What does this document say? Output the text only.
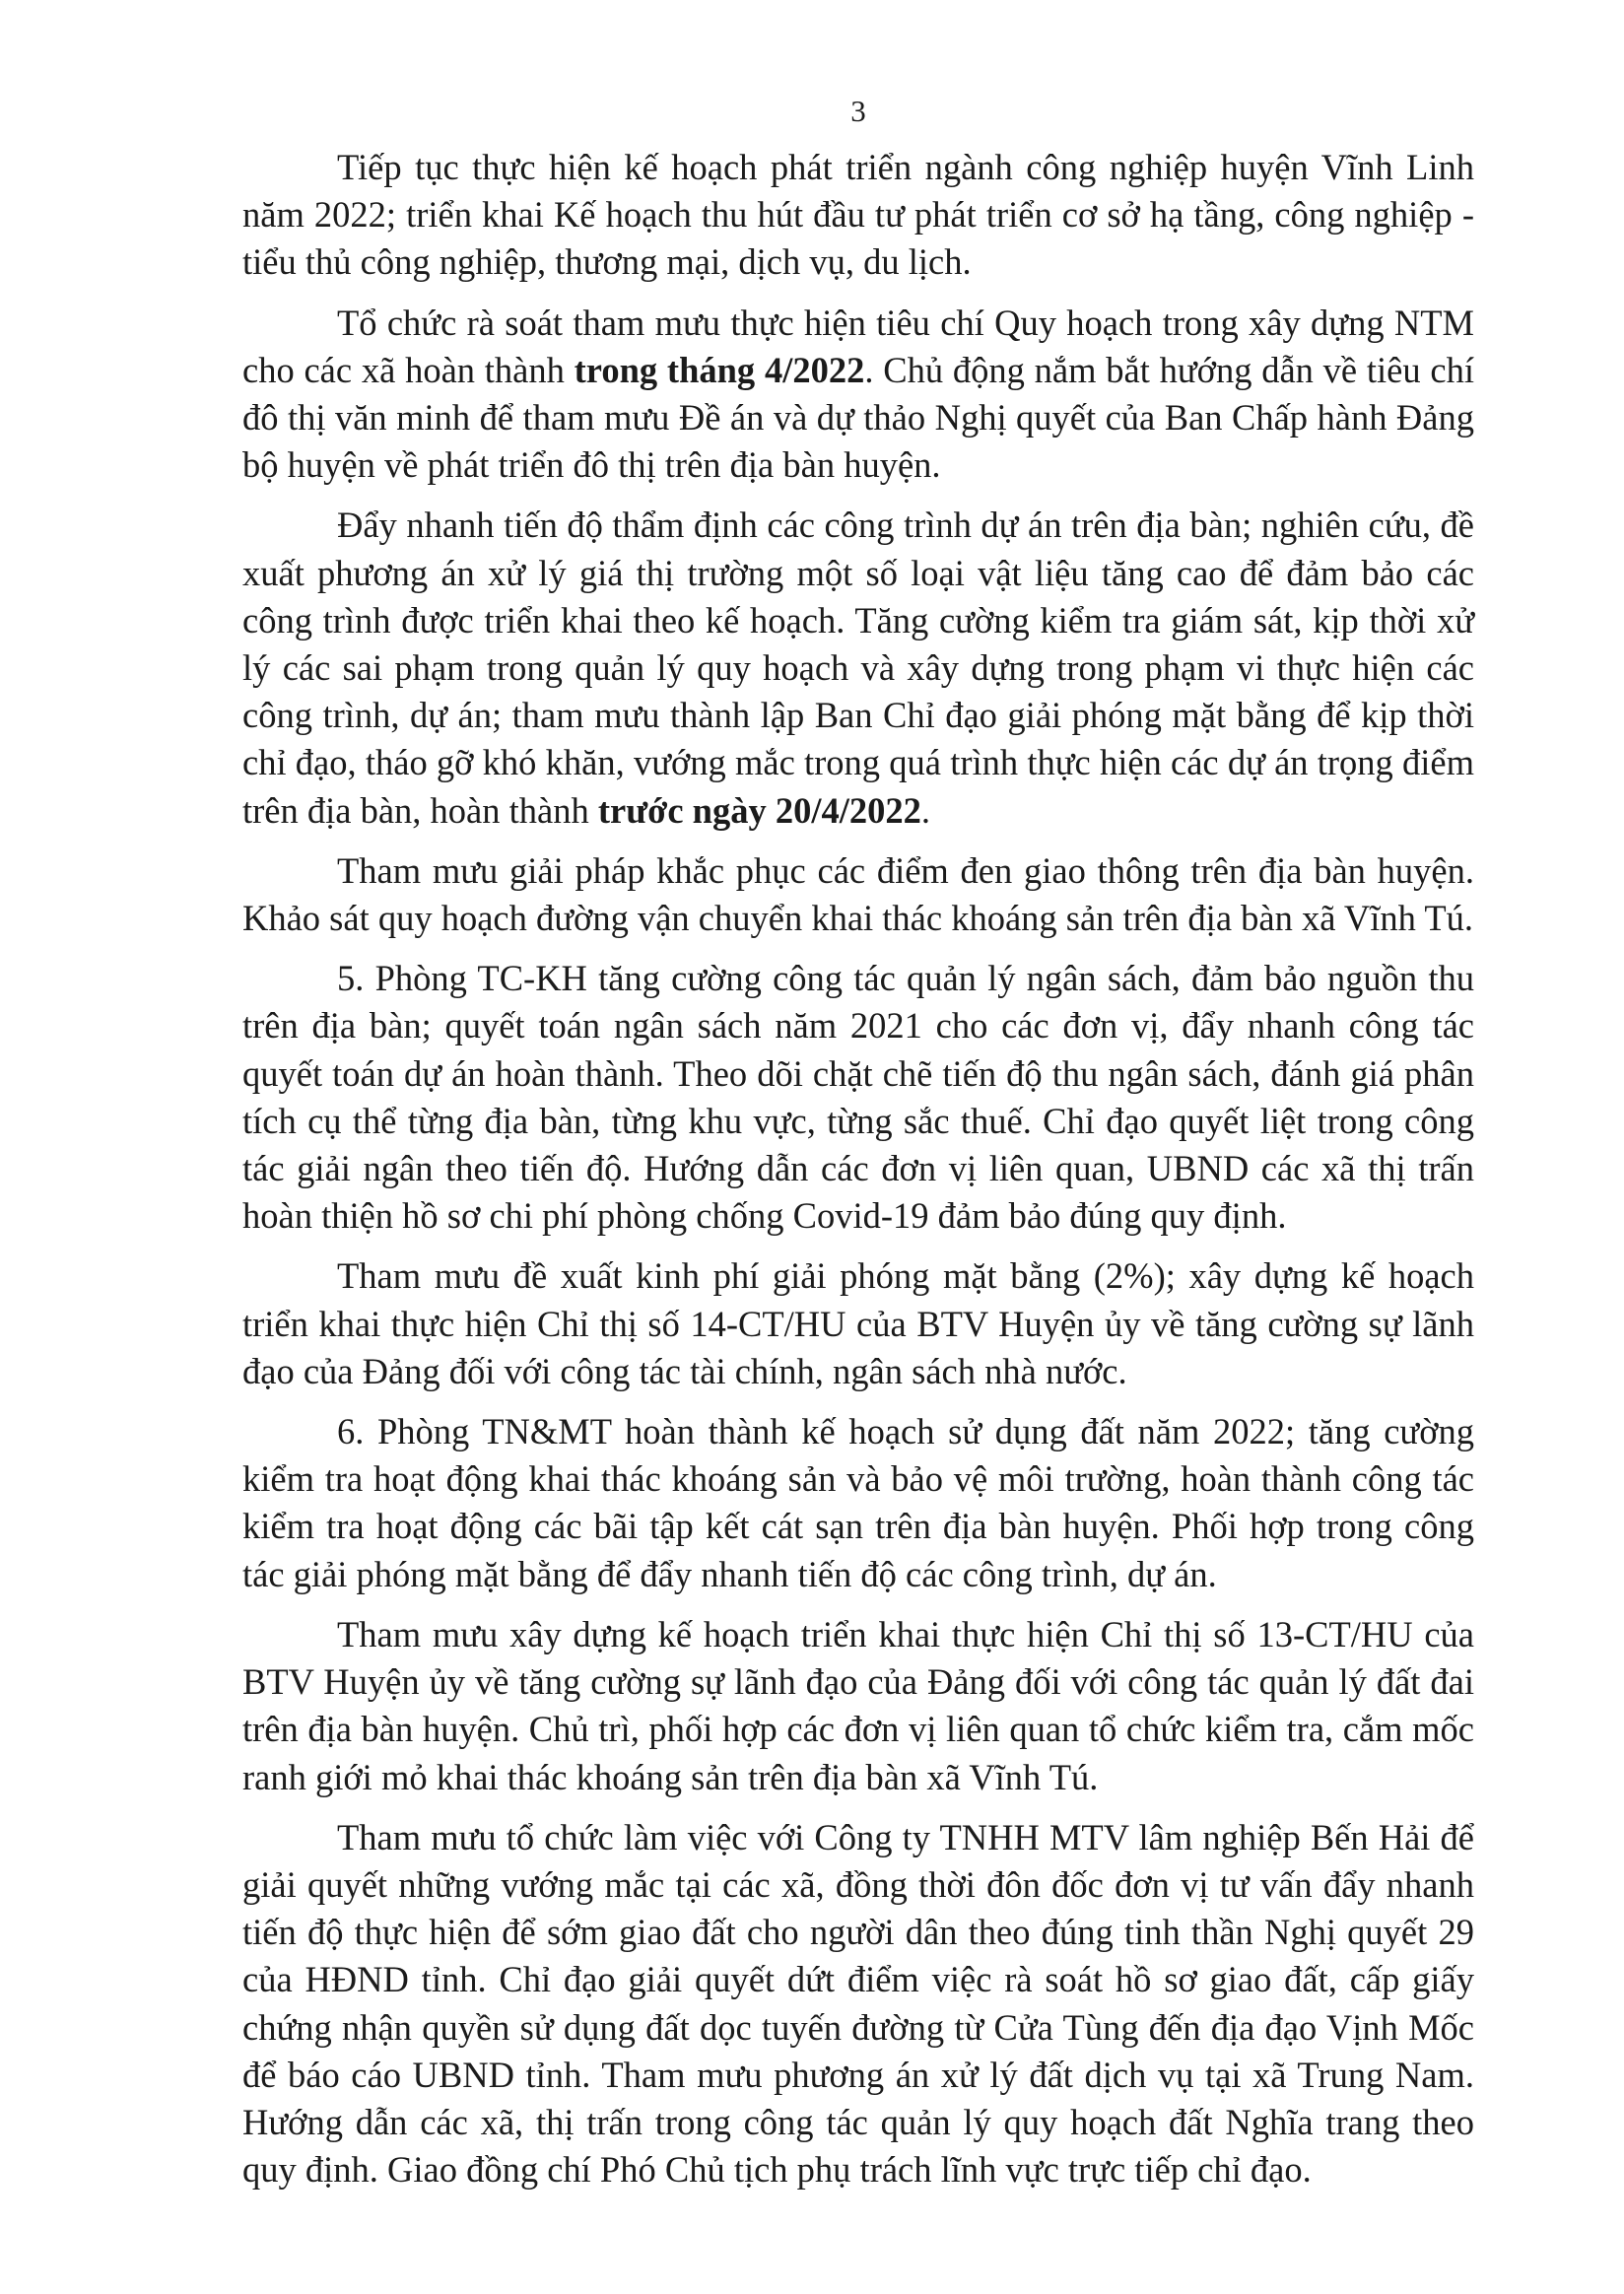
3

Tiếp tục thực hiện kế hoạch phát triển ngành công nghiệp huyện Vĩnh Linh năm 2022; triển khai Kế hoạch thu hút đầu tư phát triển cơ sở hạ tầng, công nghiệp - tiểu thủ công nghiệp, thương mại, dịch vụ, du lịch.

Tổ chức rà soát tham mưu thực hiện tiêu chí Quy hoạch trong xây dựng NTM cho các xã hoàn thành trong tháng 4/2022. Chủ động nắm bắt hướng dẫn về tiêu chí đô thị văn minh để tham mưu Đề án và dự thảo Nghị quyết của Ban Chấp hành Đảng bộ huyện về phát triển đô thị trên địa bàn huyện.

Đẩy nhanh tiến độ thẩm định các công trình dự án trên địa bàn; nghiên cứu, đề xuất phương án xử lý giá thị trường một số loại vật liệu tăng cao để đảm bảo các công trình được triển khai theo kế hoạch. Tăng cường kiểm tra giám sát, kịp thời xử lý các sai phạm trong quản lý quy hoạch và xây dựng trong phạm vi thực hiện các công trình, dự án; tham mưu thành lập Ban Chỉ đạo giải phóng mặt bằng để kịp thời chỉ đạo, tháo gỡ khó khăn, vướng mắc trong quá trình thực hiện các dự án trọng điểm trên địa bàn, hoàn thành trước ngày 20/4/2022.

Tham mưu giải pháp khắc phục các điểm đen giao thông trên địa bàn huyện. Khảo sát quy hoạch đường vận chuyển khai thác khoáng sản trên địa bàn xã Vĩnh Tú.

5. Phòng TC-KH tăng cường công tác quản lý ngân sách, đảm bảo nguồn thu trên địa bàn; quyết toán ngân sách năm 2021 cho các đơn vị, đẩy nhanh công tác quyết toán dự án hoàn thành. Theo dõi chặt chẽ tiến độ thu ngân sách, đánh giá phân tích cụ thể từng địa bàn, từng khu vực, từng sắc thuế. Chỉ đạo quyết liệt trong công tác giải ngân theo tiến độ. Hướng dẫn các đơn vị liên quan, UBND các xã thị trấn hoàn thiện hồ sơ chi phí phòng chống Covid-19 đảm bảo đúng quy định.

Tham mưu đề xuất kinh phí giải phóng mặt bằng (2%); xây dựng kế hoạch triển khai thực hiện Chỉ thị số 14-CT/HU của BTV Huyện ủy về tăng cường sự lãnh đạo của Đảng đối với công tác tài chính, ngân sách nhà nước.

6. Phòng TN&MT hoàn thành kế hoạch sử dụng đất năm 2022; tăng cường kiểm tra hoạt động khai thác khoáng sản và bảo vệ môi trường, hoàn thành công tác kiểm tra hoạt động các bãi tập kết cát sạn trên địa bàn huyện. Phối hợp trong công tác giải phóng mặt bằng để đẩy nhanh tiến độ các công trình, dự án.

Tham mưu xây dựng kế hoạch triển khai thực hiện Chỉ thị số 13-CT/HU của BTV Huyện ủy về tăng cường sự lãnh đạo của Đảng đối với công tác quản lý đất đai trên địa bàn huyện. Chủ trì, phối hợp các đơn vị liên quan tổ chức kiểm tra, cắm mốc ranh giới mỏ khai thác khoáng sản trên địa bàn xã Vĩnh Tú.

Tham mưu tổ chức làm việc với Công ty TNHH MTV lâm nghiệp Bến Hải để giải quyết những vướng mắc tại các xã, đồng thời đôn đốc đơn vị tư vấn đẩy nhanh tiến độ thực hiện để sớm giao đất cho người dân theo đúng tinh thần Nghị quyết 29 của HĐND tỉnh. Chỉ đạo giải quyết dứt điểm việc rà soát hồ sơ giao đất, cấp giấy chứng nhận quyền sử dụng đất dọc tuyến đường từ Cửa Tùng đến địa đạo Vịnh Mốc để báo cáo UBND tỉnh. Tham mưu phương án xử lý đất dịch vụ tại xã Trung Nam. Hướng dẫn các xã, thị trấn trong công tác quản lý quy hoạch đất Nghĩa trang theo quy định. Giao đồng chí Phó Chủ tịch phụ trách lĩnh vực trực tiếp chỉ đạo.
